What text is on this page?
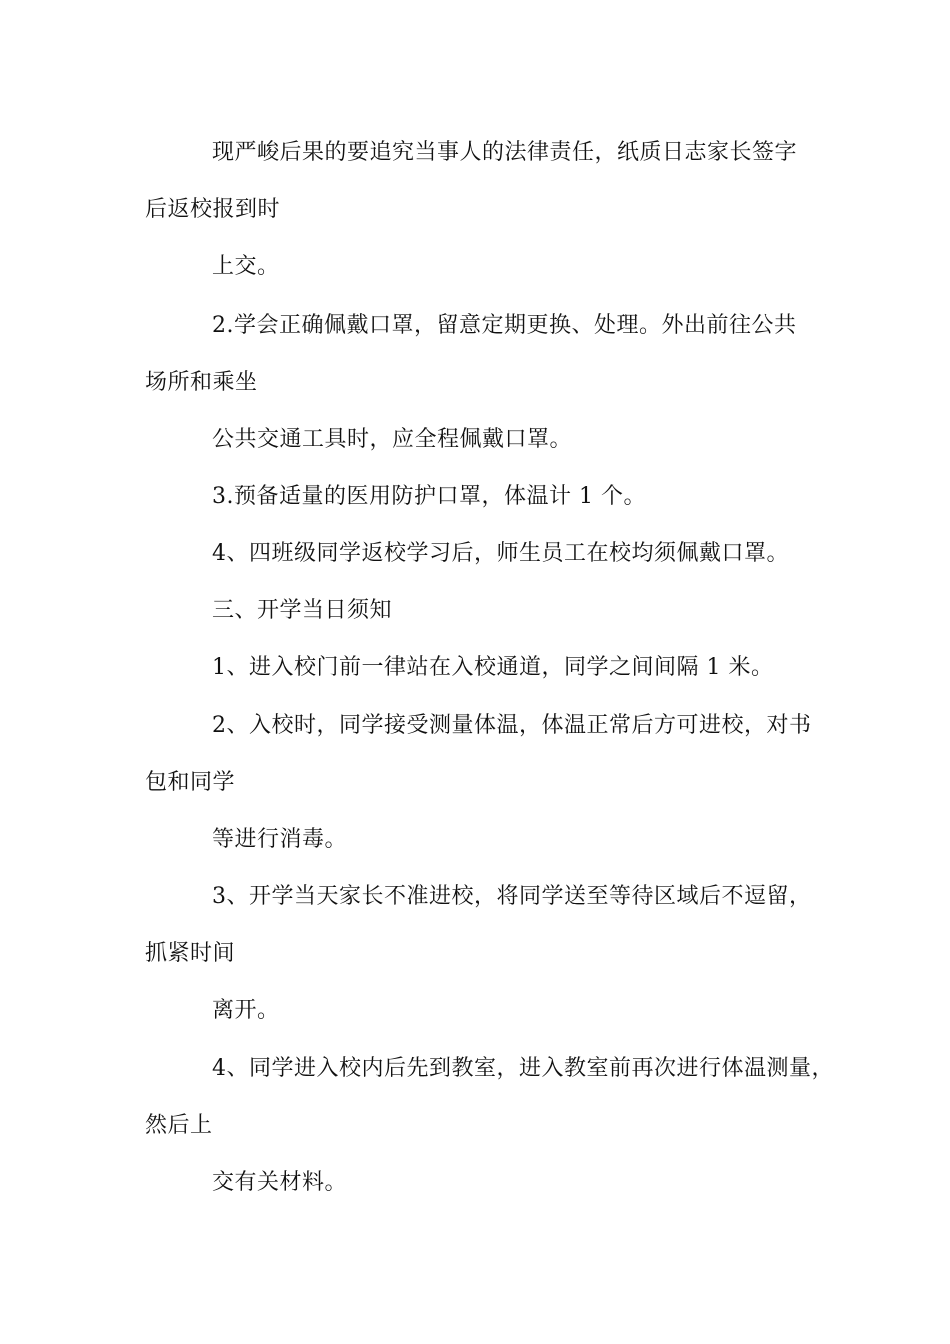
现严峻后果的要追究当事人的法律责任，纸质日志家长签字
后返校报到时
上交。
2.学会正确佩戴口罩，留意定期更换、处理。外出前往公共
场所和乘坐
公共交通工具时，应全程佩戴口罩。
3.预备适量的医用防护口罩，体温计 1 个。
4、四班级同学返校学习后，师生员工在校均须佩戴口罩。
三、开学当日须知
1、进入校门前一律站在入校通道，同学之间间隔 1 米。
2、入校时，同学接受测量体温，体温正常后方可进校，对书
包和同学
等进行消毒。
3、开学当天家长不准进校，将同学送至等待区域后不逗留，
抓紧时间
离开。
4、同学进入校内后先到教室，进入教室前再次进行体温测量，
然后上
交有关材料。
